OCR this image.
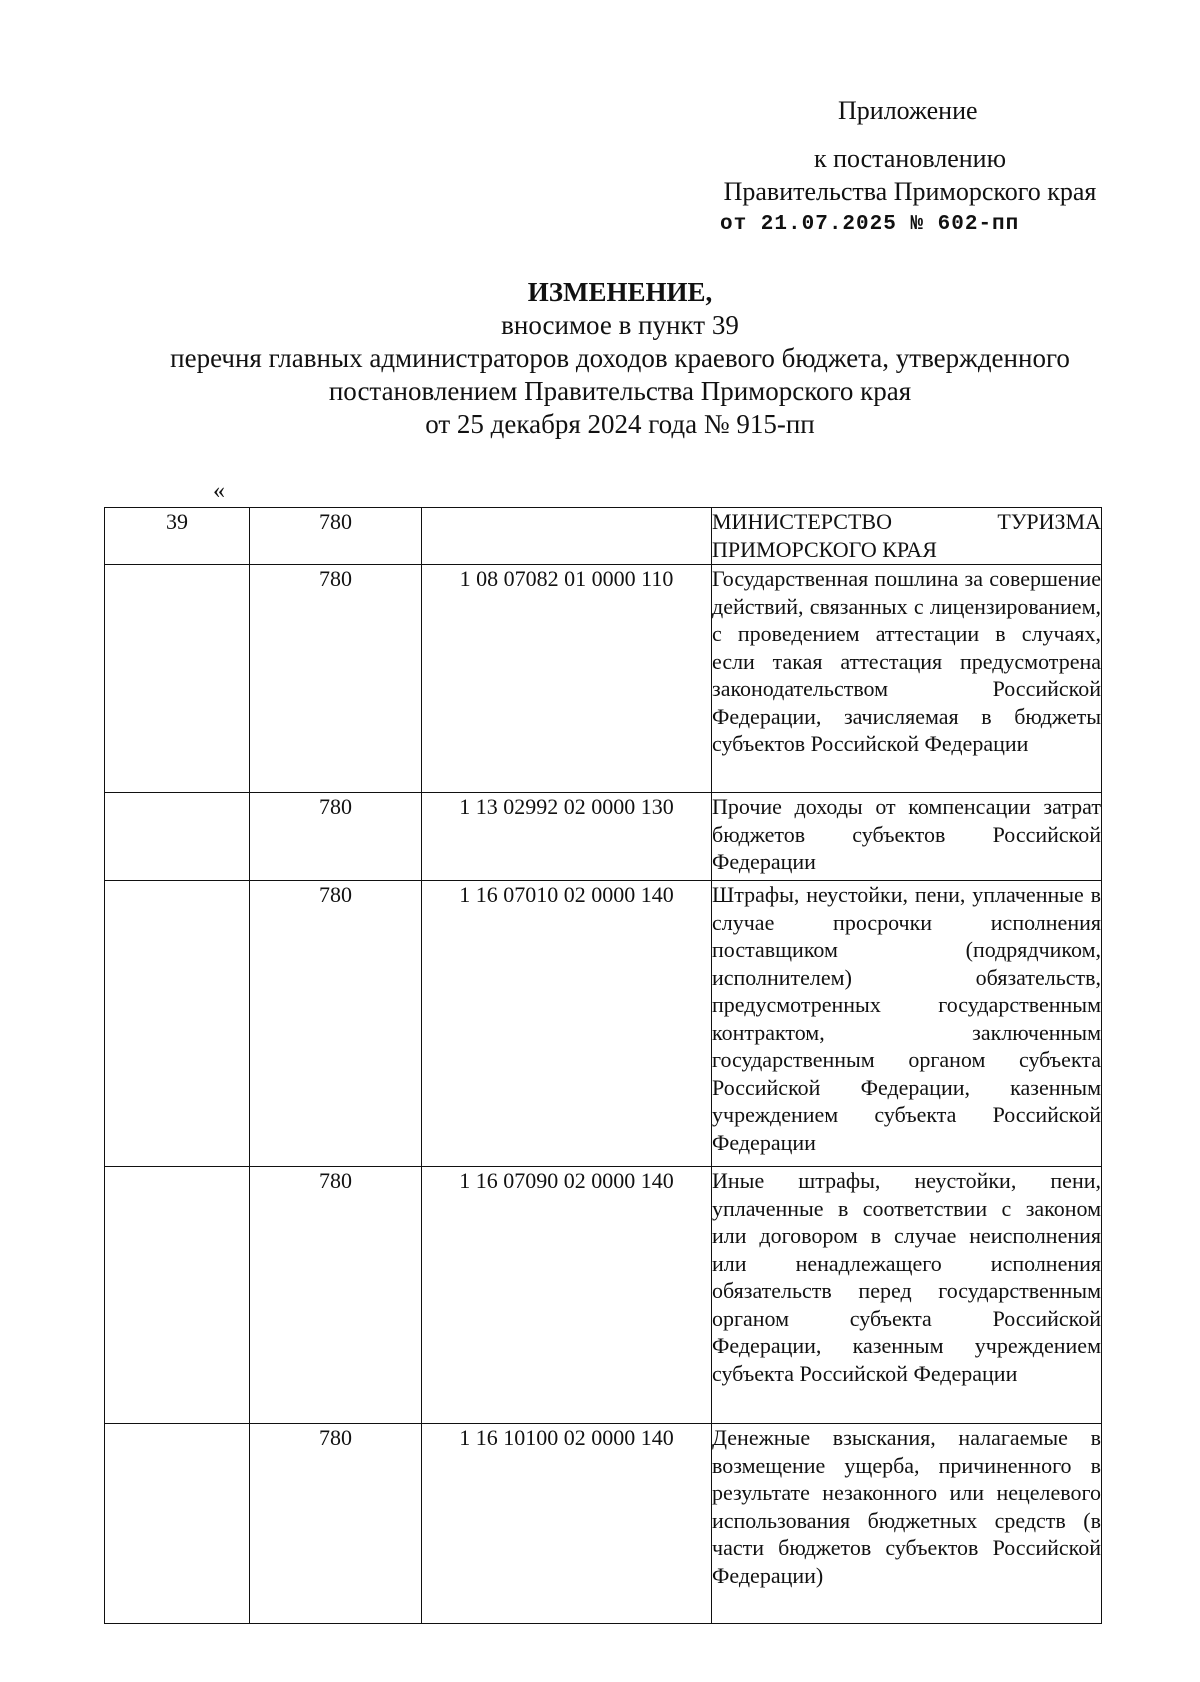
Приложение
к постановлению
Правительства Приморского края
от 21.07.2025 № 602-пп
ИЗМЕНЕНИЕ,
вносимое в пункт 39
перечня главных администраторов доходов краевого бюджета, утвержденного
постановлением Правительства Приморского края
от 25 декабря 2024 года № 915-пп
«
39	780		МИНИСТЕРСТВО ТУРИЗМА ПРИМОРСКОГО КРАЯ
	780	1 08 07082 01 0000 110	Государственная пошлина за совершение действий, связанных с лицензированием, с проведением аттестации в случаях, если такая аттестация предусмотрена законодательством Российской Федерации, зачисляемая в бюджеты субъектов Российской Федерации
	780	1 13 02992 02 0000 130	Прочие доходы от компенсации затрат бюджетов субъектов Российской Федерации
	780	1 16 07010 02 0000 140	Штрафы, неустойки, пени, уплаченные в случае просрочки исполнения поставщиком (подрядчиком, исполнителем) обязательств, предусмотренных государственным контрактом, заключенным государственным органом субъекта Российской Федерации, казенным учреждением субъекта Российской Федерации
	780	1 16 07090 02 0000 140	Иные штрафы, неустойки, пени, уплаченные в соответствии с законом или договором в случае неисполнения или ненадлежащего исполнения обязательств перед государственным органом субъекта Российской Федерации, казенным учреждением субъекта Российской Федерации
	780	1 16 10100 02 0000 140	Денежные взыскания, налагаемые в возмещение ущерба, причиненного в результате незаконного или нецелевого использования бюджетных средств (в части бюджетов субъектов Российской Федерации)
